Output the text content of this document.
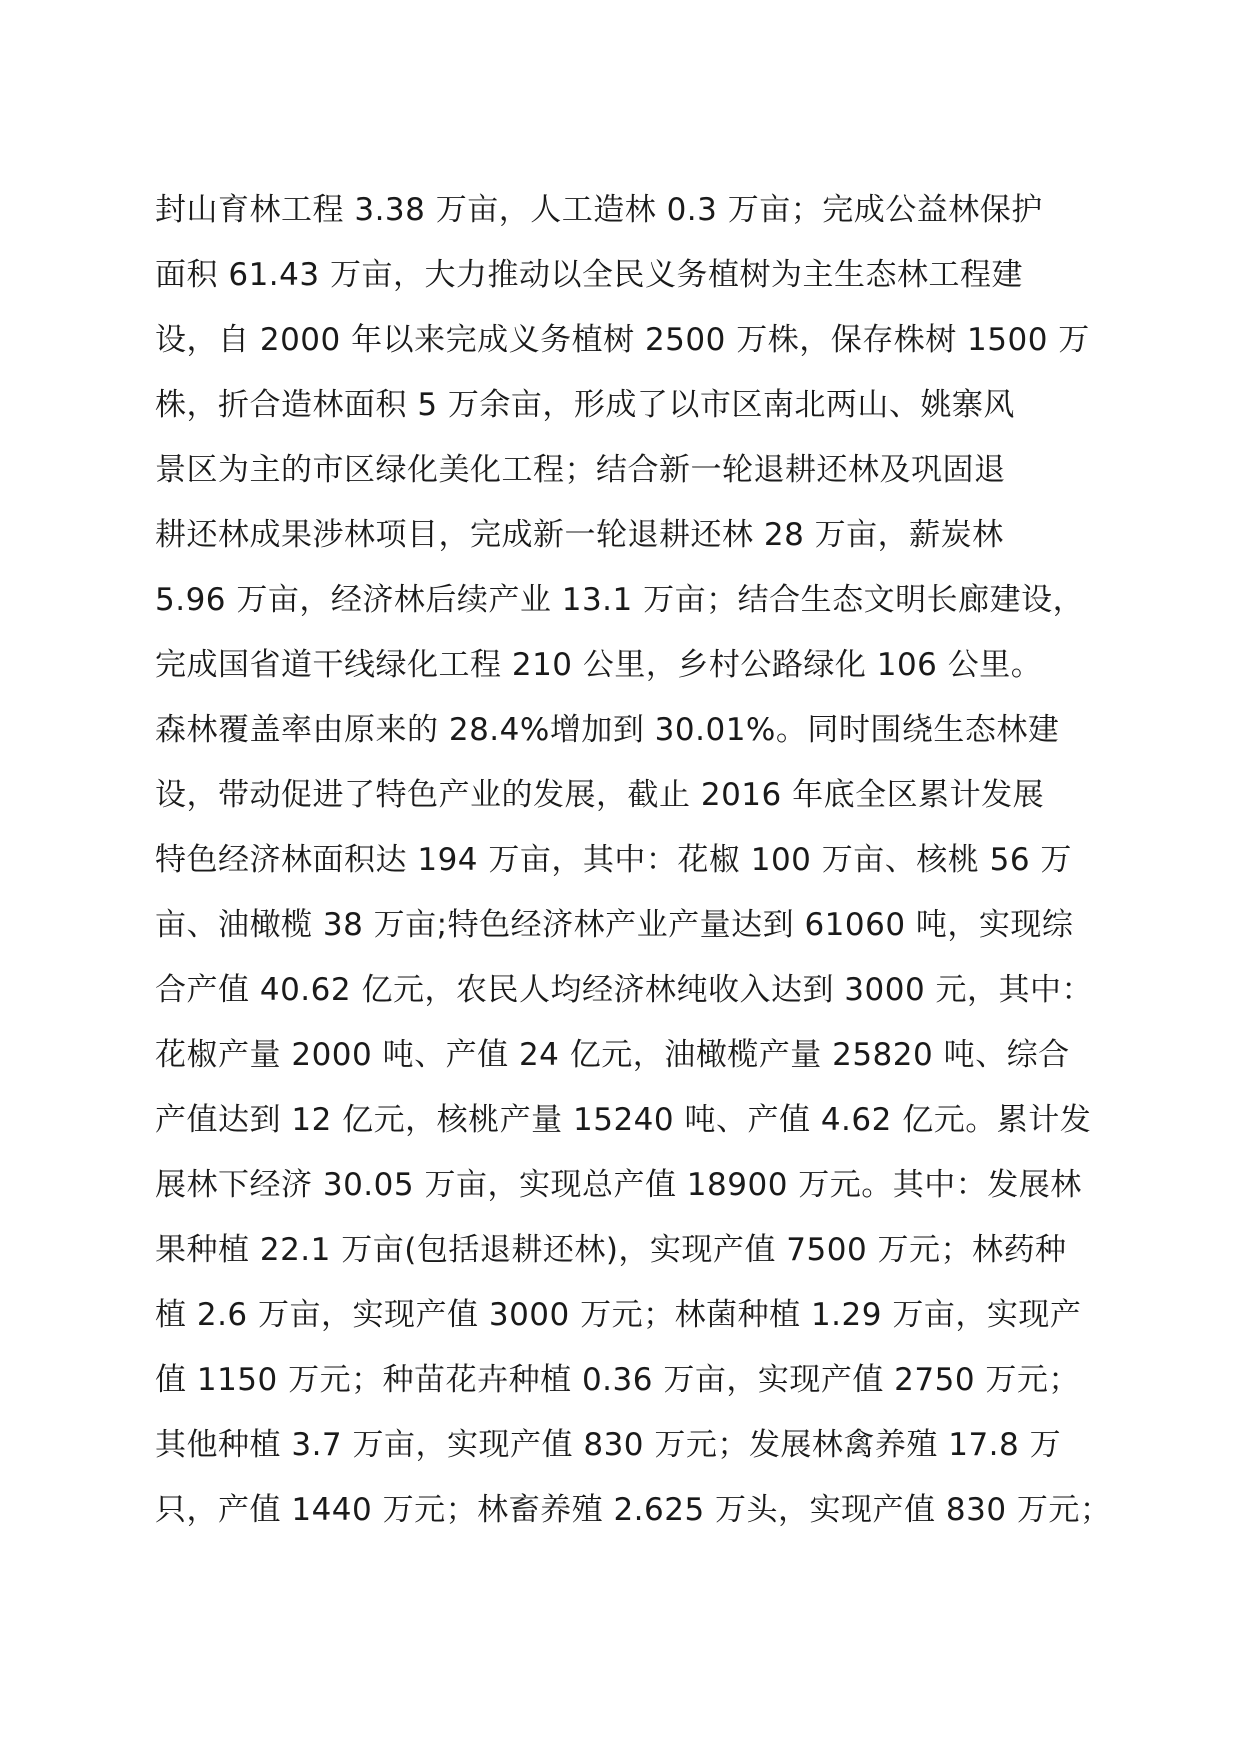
封山育林工程 3.38 万亩，人工造林 0.3 万亩；完成公益林保护
面积 61.43 万亩，大力推动以全民义务植树为主生态林工程建
设，自 2000 年以来完成义务植树 2500 万株，保存株树 1500 万
株，折合造林面积 5 万余亩，形成了以市区南北两山、姚寨风
景区为主的市区绿化美化工程；结合新一轮退耕还林及巩固退
耕还林成果涉林项目，完成新一轮退耕还林 28 万亩，薪炭林
5.96 万亩，经济林后续产业 13.1 万亩；结合生态文明长廊建设，
完成国省道干线绿化工程 210 公里，乡村公路绿化 106 公里。
森林覆盖率由原来的 28.4%增加到 30.01%。同时围绕生态林建
设，带动促进了特色产业的发展，截止 2016 年底全区累计发展
特色经济林面积达 194 万亩，其中：花椒 100 万亩、核桃 56 万
亩、油橄榄 38 万亩;特色经济林产业产量达到 61060 吨，实现综
合产值 40.62 亿元，农民人均经济林纯收入达到 3000 元，其中：
花椒产量 2000 吨、产值 24 亿元，油橄榄产量 25820 吨、综合
产值达到 12 亿元，核桃产量 15240 吨、产值 4.62 亿元。累计发
展林下经济 30.05 万亩，实现总产值 18900 万元。其中：发展林
果种植 22.1 万亩(包括退耕还林)，实现产值 7500 万元；林药种
植 2.6 万亩，实现产值 3000 万元；林菌种植 1.29 万亩，实现产
值 1150 万元；种苗花卉种植 0.36 万亩，实现产值 2750 万元；
其他种植 3.7 万亩，实现产值 830 万元；发展林禽养殖 17.8 万
只，产值 1440 万元；林畜养殖 2.625 万头，实现产值 830 万元；
